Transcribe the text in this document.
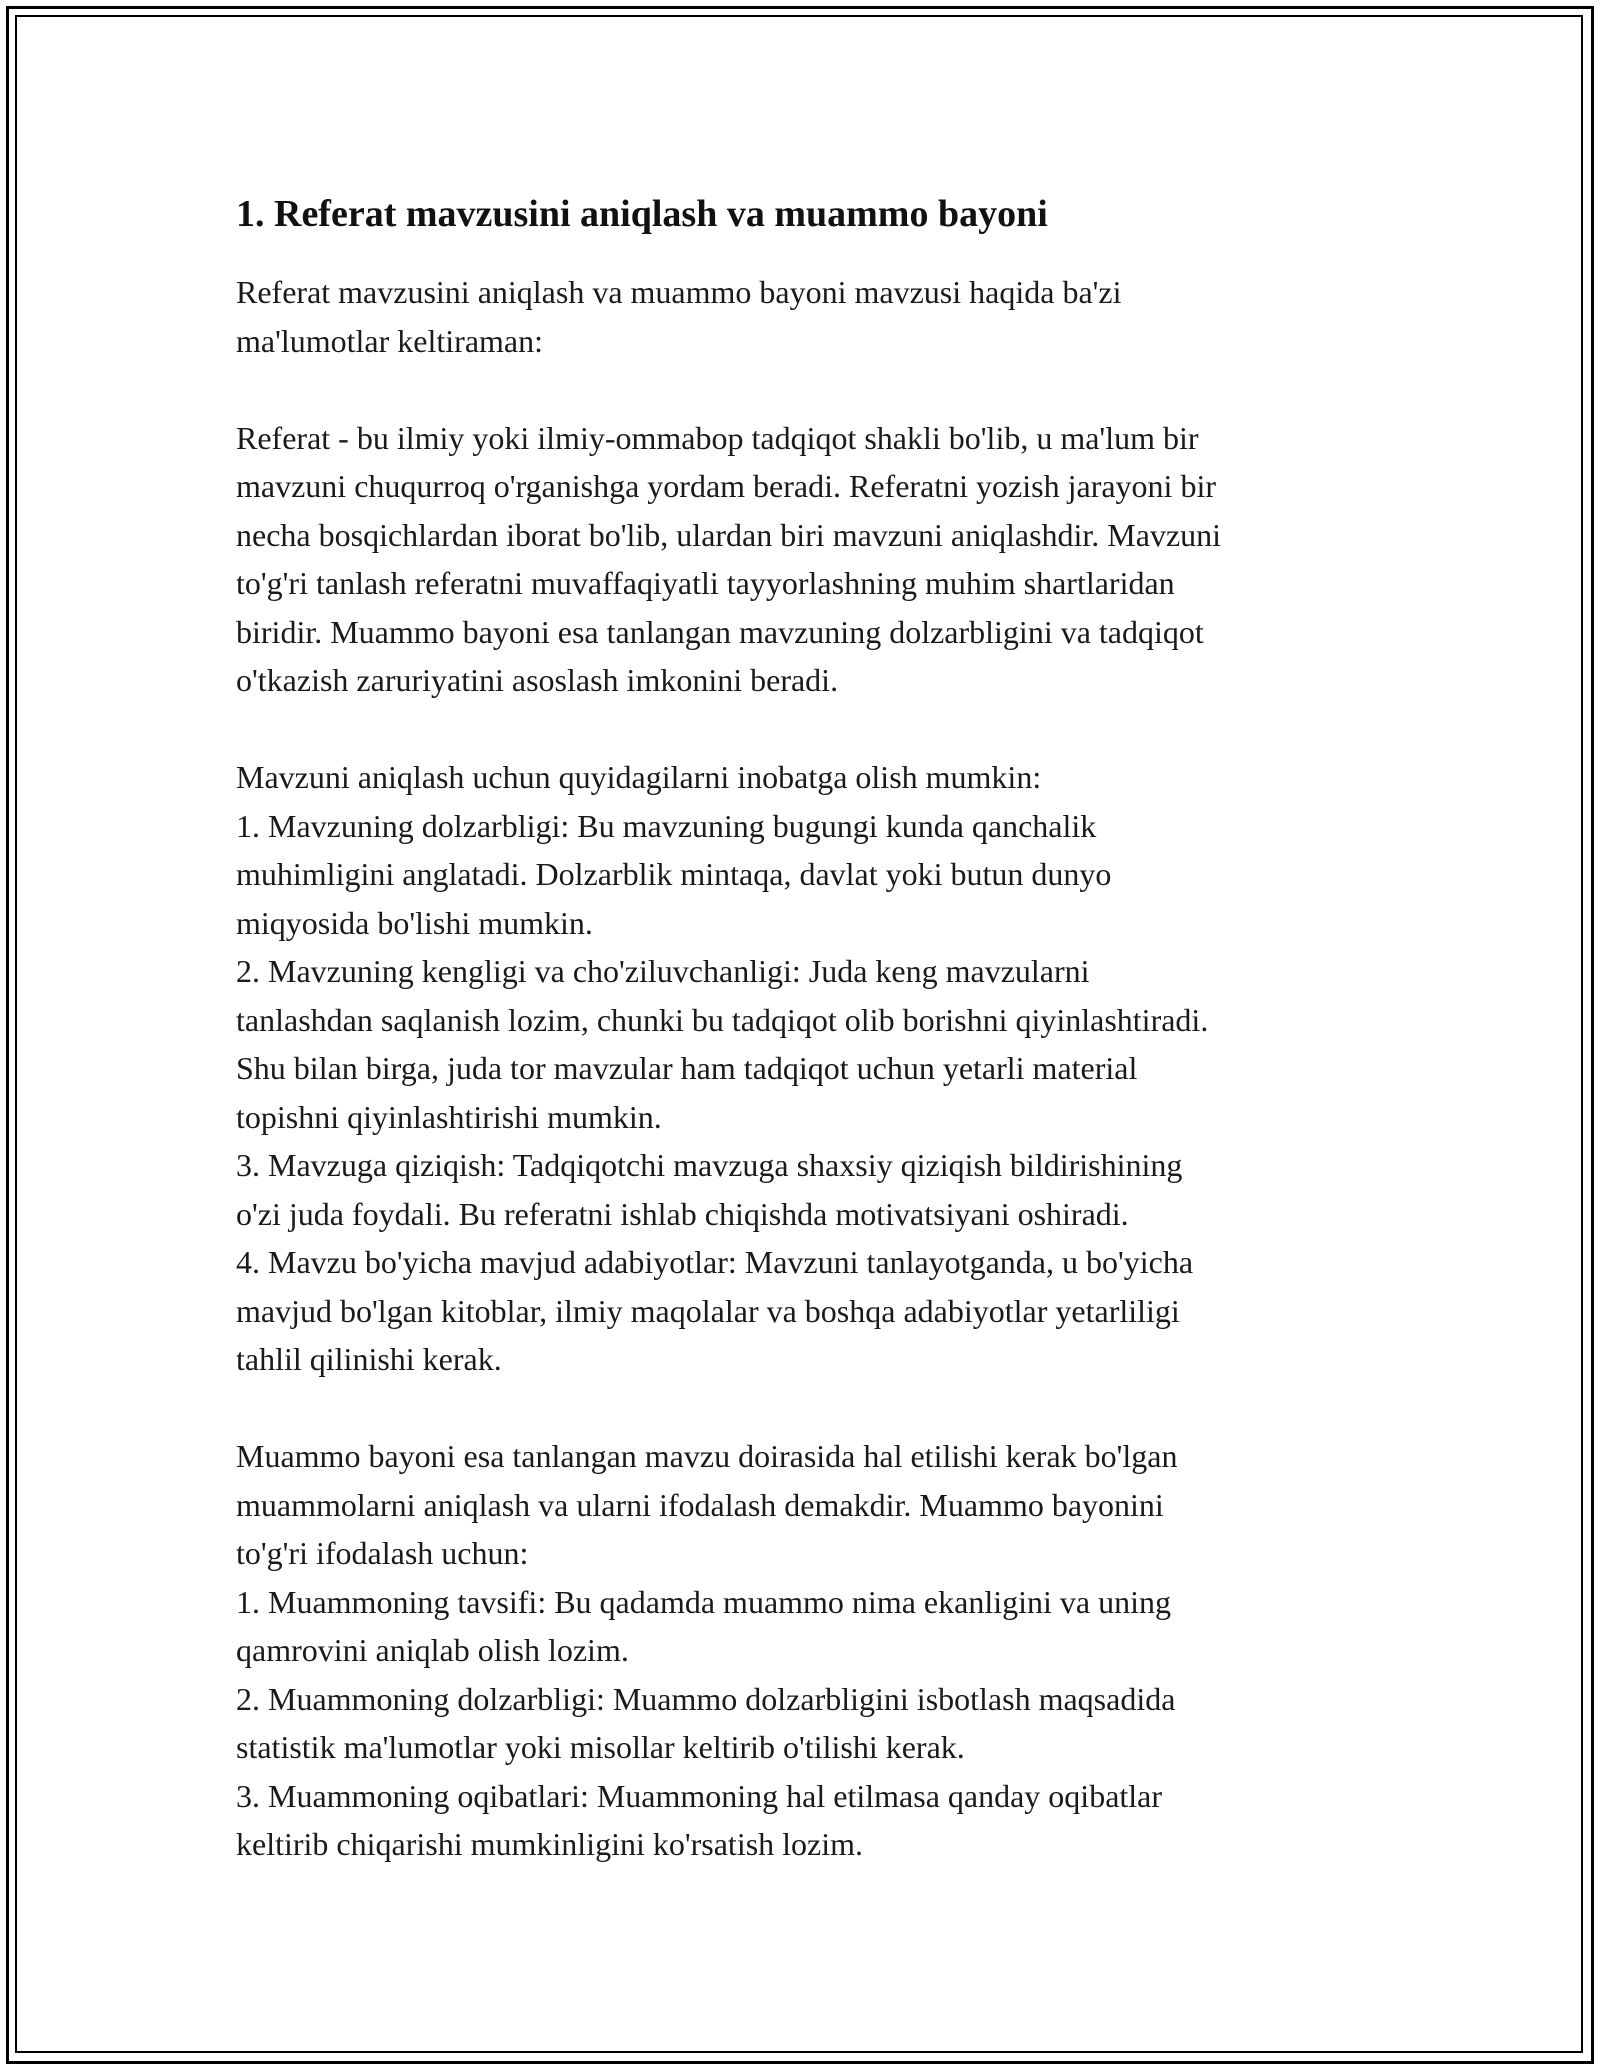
1. Referat mavzusini aniqlash va muammo bayoni
Referat mavzusini aniqlash va muammo bayoni mavzusi haqida ba'zi
ma'lumotlar keltiraman:
Referat - bu ilmiy yoki ilmiy-ommabop tadqiqot shakli bo'lib, u ma'lum bir
mavzuni chuqurroq o'rganishga yordam beradi. Referatni yozish jarayoni bir
necha bosqichlardan iborat bo'lib, ulardan biri mavzuni aniqlashdir. Mavzuni
to'g'ri tanlash referatni muvaffaqiyatli tayyorlashning muhim shartlaridan
biridir. Muammo bayoni esa tanlangan mavzuning dolzarbligini va tadqiqot
o'tkazish zaruriyatini asoslash imkonini beradi.
Mavzuni aniqlash uchun quyidagilarni inobatga olish mumkin:
1. Mavzuning dolzarbligi: Bu mavzuning bugungi kunda qanchalik
muhimligini anglatadi. Dolzarblik mintaqa, davlat yoki butun dunyo
miqyosida bo'lishi mumkin.
2. Mavzuning kengligi va cho'ziluvchanligi: Juda keng mavzularni
tanlashdan saqlanish lozim, chunki bu tadqiqot olib borishni qiyinlashtiradi.
Shu bilan birga, juda tor mavzular ham tadqiqot uchun yetarli material
topishni qiyinlashtirishi mumkin.
3. Mavzuga qiziqish: Tadqiqotchi mavzuga shaxsiy qiziqish bildirishining
o'zi juda foydali. Bu referatni ishlab chiqishda motivatsiyani oshiradi.
4. Mavzu bo'yicha mavjud adabiyotlar: Mavzuni tanlayotganda, u bo'yicha
mavjud bo'lgan kitoblar, ilmiy maqolalar va boshqa adabiyotlar yetarliligi
tahlil qilinishi kerak.
Muammo bayoni esa tanlangan mavzu doirasida hal etilishi kerak bo'lgan
muammolarni aniqlash va ularni ifodalash demakdir. Muammo bayonini
to'g'ri ifodalash uchun:
1. Muammoning tavsifi: Bu qadamda muammo nima ekanligini va uning
qamrovini aniqlab olish lozim.
2. Muammoning dolzarbligi: Muammo dolzarbligini isbotlash maqsadida
statistik ma'lumotlar yoki misollar keltirib o'tilishi kerak.
3. Muammoning oqibatlari: Muammoning hal etilmasa qanday oqibatlar
keltirib chiqarishi mumkinligini ko'rsatish lozim.
